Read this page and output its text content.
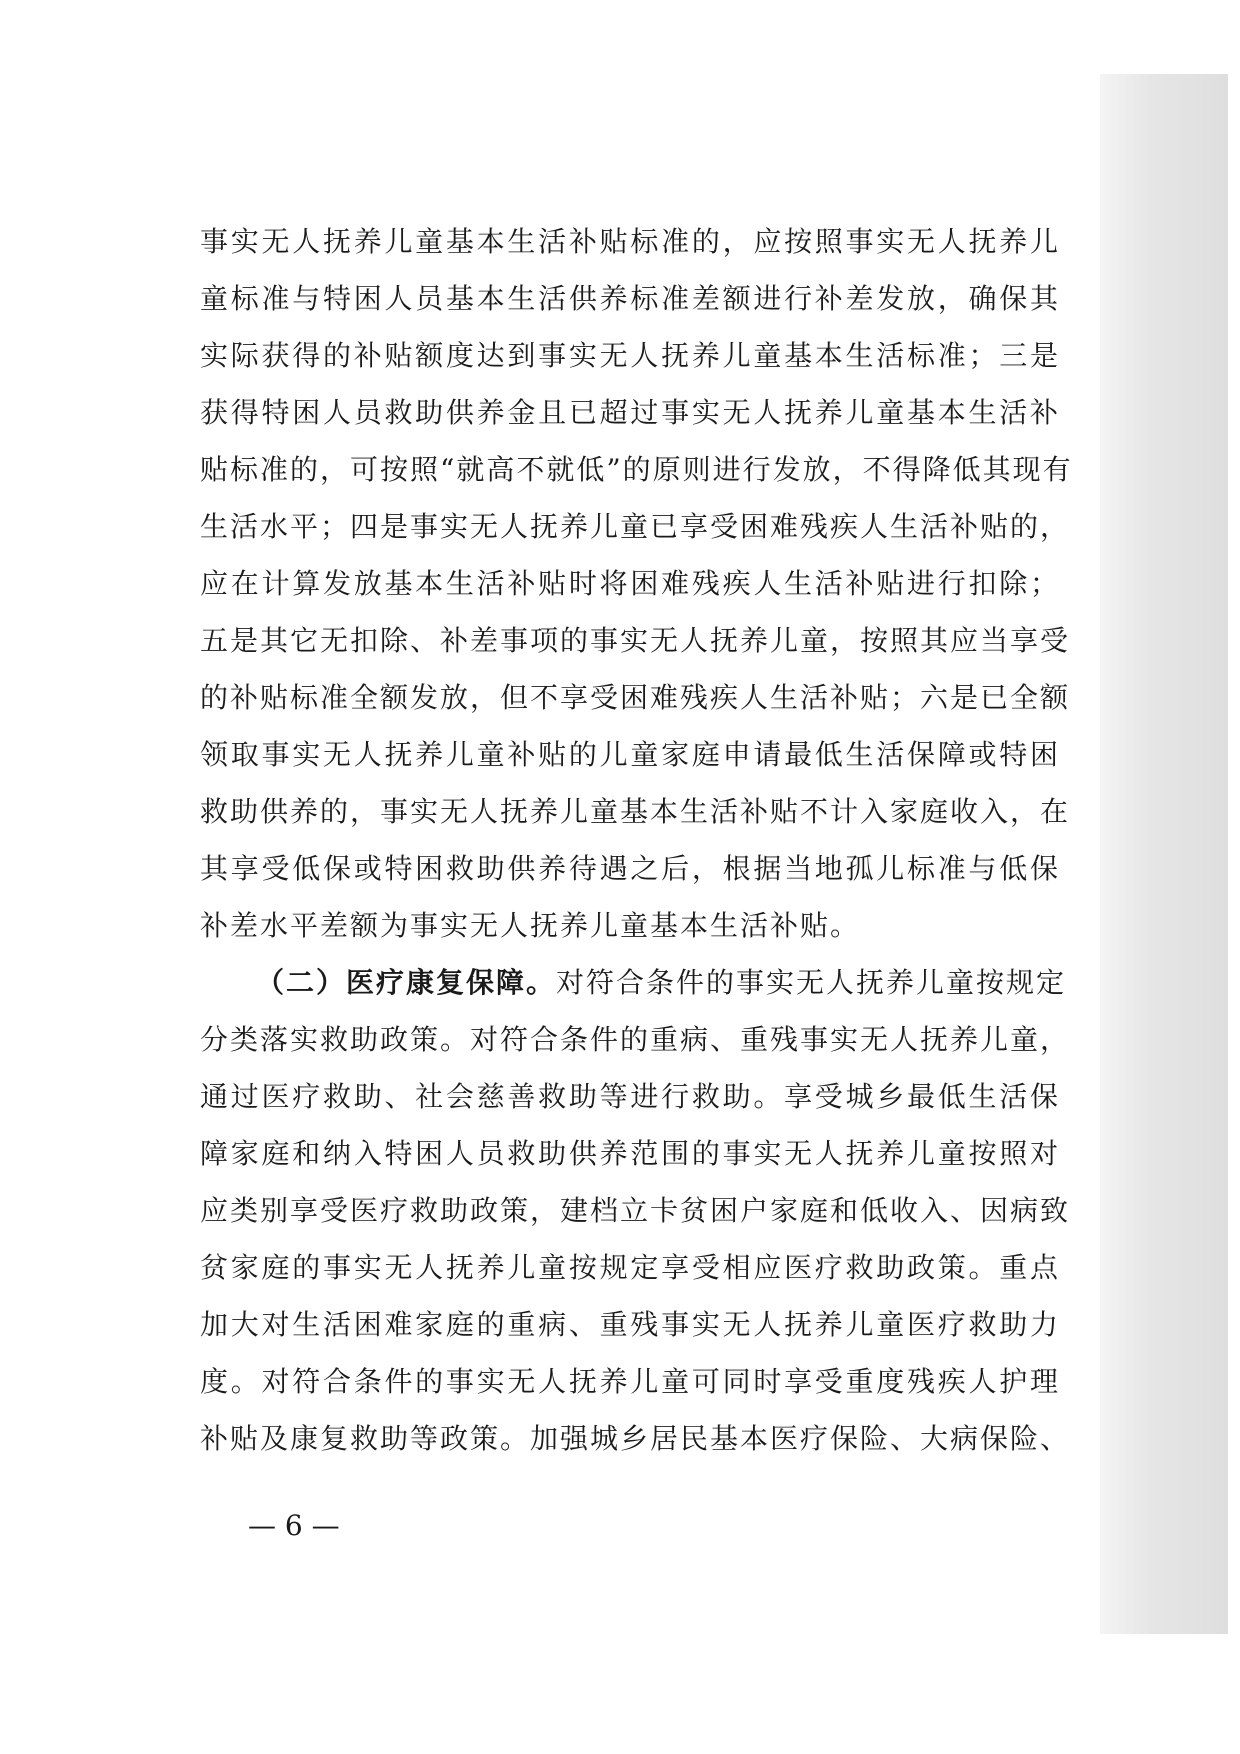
事实无人抚养儿童基本生活补贴标准的，应按照事实无人抚养儿

童标准与特困人员基本生活供养标准差额进行补差发放，确保其

实际获得的补贴额度达到事实无人抚养儿童基本生活标准；三是

获得特困人员救助供养金且已超过事实无人抚养儿童基本生活补

贴标准的，可按照“就高不就低”的原则进行发放，不得降低其现有

生活水平；四是事实无人抚养儿童已享受困难残疾人生活补贴的，

应在计算发放基本生活补贴时将困难残疾人生活补贴进行扣除；

五是其它无扣除、补差事项的事实无人抚养儿童，按照其应当享受

的补贴标准全额发放，但不享受困难残疾人生活补贴；六是已全额

领取事实无人抚养儿童补贴的儿童家庭申请最低生活保障或特困

救助供养的，事实无人抚养儿童基本生活补贴不计入家庭收入，在

其享受低保或特困救助供养待遇之后，根据当地孤儿标准与低保

补差水平差额为事实无人抚养儿童基本生活补贴。

（二）医疗康复保障。对符合条件的事实无人抚养儿童按规定

分类落实救助政策。对符合条件的重病、重残事实无人抚养儿童，

通过医疗救助、社会慈善救助等进行救助。享受城乡最低生活保

障家庭和纳入特困人员救助供养范围的事实无人抚养儿童按照对

应类别享受医疗救助政策，建档立卡贫困户家庭和低收入、因病致

贫家庭的事实无人抚养儿童按规定享受相应医疗救助政策。重点

加大对生活困难家庭的重病、重残事实无人抚养儿童医疗救助力

度。对符合条件的事实无人抚养儿童可同时享受重度残疾人护理

补贴及康复救助等政策。加强城乡居民基本医疗保险、大病保险、

— 6 —
